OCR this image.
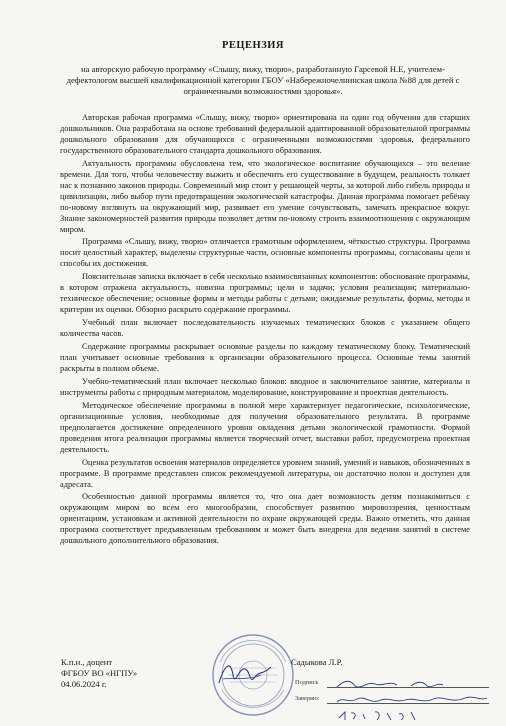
РЕЦЕНЗИЯ
на авторскую рабочую программу «Слышу, вижу, творю», разработанную Гарсевой Н.Е, учителем-дефектологом высшей квалификационной категории ГБОУ «Набережночелнинская школа №88 для детей с ограниченными возможностями здоровья».

Авторская рабочая программа «Слышу, вижу, творю» ориентирована на один год обучения для старших дошкольников. Она разработана на основе требований федеральной адаптированной образовательной программы дошкольного образования для обучающихся с ограниченными возможностями здоровья, федерального государственного образовательного стандарта дошкольного образования.

Актуальность программы обусловлена тем, что экологическое воспитание обучающихся – это веление времени. Для того, чтобы человечеству выжить и обеспечить его существование в будущем, реальность толкает нас к познанию законов природы. Современный мир стоит у решающей черты, за которой либо гибель природы и цивилизации, либо выбор пути предотвращения экологической катастрофы. Данная программа помогает ребёнку по-новому взглянуть на окружающий мир, развивает его умение сочувствовать, замечать прекрасное вокруг. Знание закономерностей развития природы позволяет детям по-новому строить взаимоотношения с окружающим миром.

Программа «Слышу, вижу, творю» отличается грамотным оформлением, чёткостью структуры. Программа носит целостный характер, выделены структурные части, основные компоненты программы, согласованы цели и способы их достижения.

Пояснительная записка включает в себя несколько взаимосвязанных компонентов: обоснование программы, в котором отражена актуальность, новизна программы; цели и задачи; условия реализации; материально-техническое обеспечение; основные формы и методы работы с детьми; ожидаемые результаты, формы, методы и критерии их оценки. Обзорно раскрыто содержание программы.

Учебный план включает последовательность изучаемых тематических блоков с указанием общего количества часов.

Содержание программы раскрывает основные разделы по каждому тематическому блоку. Тематический план учитывает основные требования к организации образовательного процесса. Основные темы занятий раскрыты в полном объеме.

Учебно-тематический план включает несколько блоков: вводное и заключительное занятие, материалы и инструменты работы с природным материалом, моделирование, конструирование и проектная деятельность.

Методическое обеспечение программы в полной мере характеризует педагогические, психологические, организационные условия, необходимые для получения образовательного результата. В программе предполагается достижение определенного уровня овладения детьми экологической грамотности. Формой проведения итога реализации программы является творческий отчет, выставки работ, предусмотрена проектная деятельность.

Оценка результатов освоения материалов определяется уровнем знаний, умений и навыков, обозначенных в программе. В программе представлен список рекомендуемой литературы, он достаточно полон и доступен для адресата.

Особенностью данной программы является то, что она дает возможность детям познакомиться с окружающим миром во всем его многообразии, способствует развитию мировоззрения, ценностным ориентациям, установкам и активной деятельности по охране окружающей среды. Важно отметить, что данная программа соответствует предъявленным требованиям и может быть внедрена для ведения занятий в системе дошкольного дополнительного образования.

К.п.н., доцент
ФГБОУ ВО «НГПУ»
04.06.2024 г.
Садыкова Л.Р.
Подпись
Заверяю:
